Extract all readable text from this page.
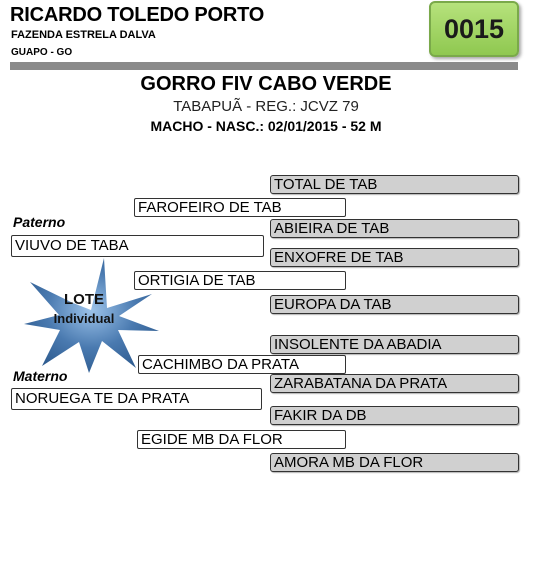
RICARDO TOLEDO PORTO
FAZENDA ESTRELA DALVA
GUAPO - GO
0015
GORRO FIV CABO VERDE
TABAPUÃ - REG.: JCVZ 79
MACHO - NASC.: 02/01/2015 - 52 M
TOTAL DE TAB
ABIEIRA DE TAB
ENXOFRE DE TAB
EUROPA DA TAB
INSOLENTE DA ABADIA
ZARABATANA DA PRATA
FAKIR DA DB
AMORA MB DA FLOR
FAROFEIRO DE TAB
ORTIGIA DE TAB
CACHIMBO DA PRATA
EGIDE MB DA FLOR
Paterno
VIUVO DE TABA
Materno
NORUEGA TE DA PRATA
LOTE
Individual
